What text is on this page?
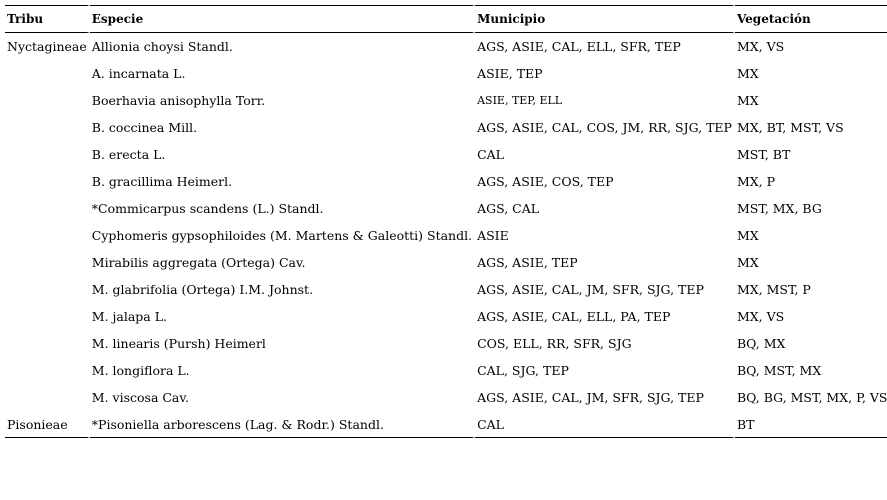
Tribu	Especie	Municipio	Vegetación
Nyctagineae	Allionia choysi Standl.	AGS, ASIE, CAL, ELL, SFR, TEP	MX, VS
	A. incarnata L.	ASIE, TEP	MX
	Boerhavia anisophylla Torr.	ASIE, TEP, ELL	MX
	B. coccinea Mill.	AGS, ASIE, CAL, COS, JM, RR, SJG, TEP	MX, BT, MST, VS
	B. erecta L.	CAL	MST, BT
	B. gracillima Heimerl.	AGS, ASIE, COS, TEP	MX, P
	*Commicarpus scandens (L.) Standl.	AGS, CAL	MST, MX, BG
	Cyphomeris gypsophiloides (M. Martens & Galeotti) Standl.	ASIE	MX
	Mirabilis aggregata (Ortega) Cav.	AGS, ASIE, TEP	MX
	M. glabrifolia (Ortega) I.M. Johnst.	AGS, ASIE, CAL, JM, SFR, SJG, TEP	MX, MST, P
	M. jalapa L.	AGS, ASIE, CAL, ELL, PA, TEP	MX, VS
	M. linearis (Pursh) Heimerl	COS, ELL, RR, SFR, SJG	BQ, MX
	M. longiflora L.	CAL, SJG, TEP	BQ, MST, MX
	M. viscosa Cav.	AGS, ASIE, CAL, JM, SFR, SJG, TEP	BQ, BG, MST, MX, P, VS
Pisonieae	*Pisoniella arborescens (Lag. & Rodr.) Standl.	CAL	BT
